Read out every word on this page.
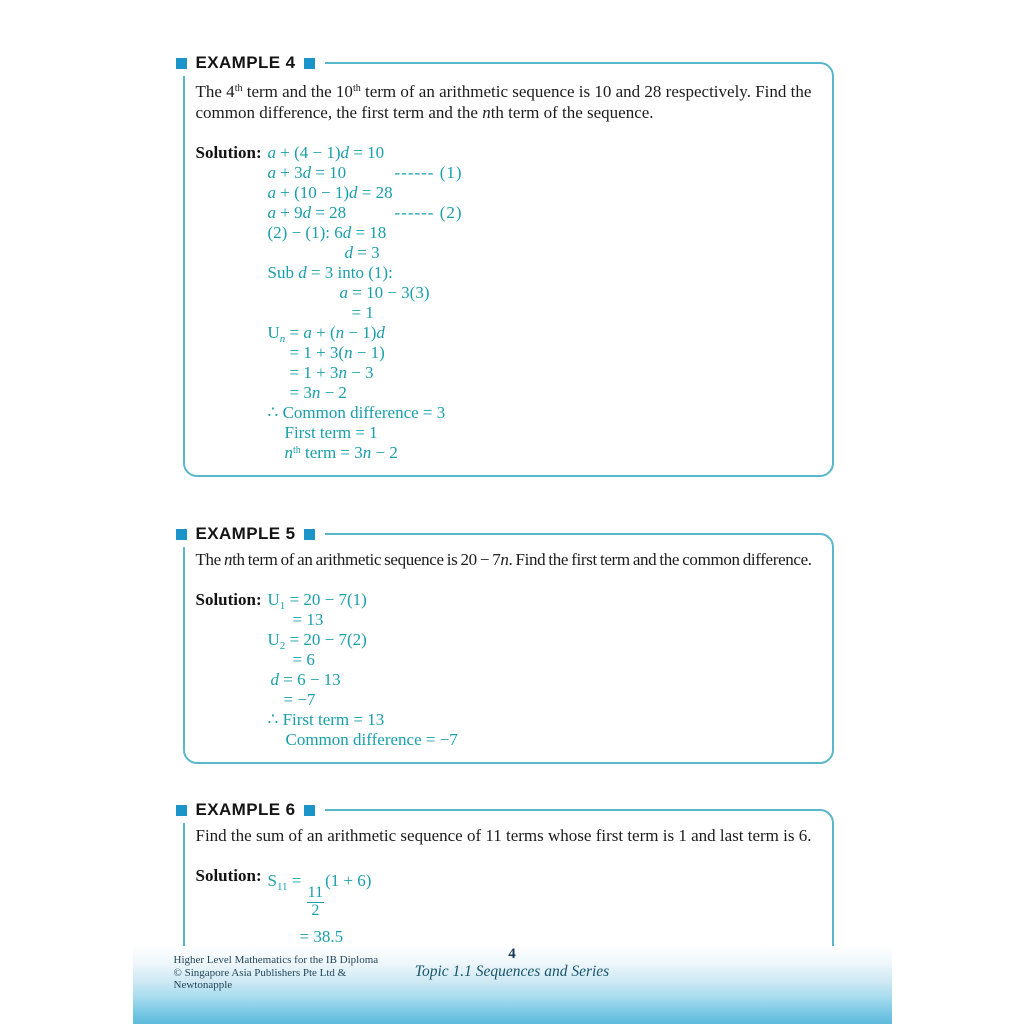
EXAMPLE 4

The 4th term and the 10th term of an arithmetic sequence is 10 and 28 respectively. Find the common difference, the first term and the nth term of the sequence.

Solution: a + (4 − 1)d = 10
a + 3d = 10	------ (1)
a + (10 − 1)d = 28
a + 9d = 28	------ (2)
(2) − (1): 6d = 18
d = 3
Sub d = 3 into (1):
a = 10 − 3(3)
= 1
$U_n = a + (n - 1)d$
= 1 + 3(n − 1)
= 1 + 3n − 3
= 3n − 2
∴ Common difference = 3
First term = 1
$n^{th}$ term = 3n − 2
EXAMPLE 5

The nth term of an arithmetic sequence is 20 − 7n. Find the first term and the common difference.

Solution: $U_1 = 20 - 7(1)$
= 13
$U_2 = 20 - 7(2)$
= 6
d = 6 − 13
= −7
∴ First term = 13
Common difference = −7
EXAMPLE 6

Find the sum of an arithmetic sequence of 11 terms whose first term is 1 and last term is 6.

Solution: $S_{11}$ =
$\frac{11}{2}$
(1 + 6)
= 38.5
Higher Level Mathematics for the IB Diploma
© Singapore Asia Publishers Pte Ltd &
Newtonapple
4
Topic 1.1 Sequences and Series
